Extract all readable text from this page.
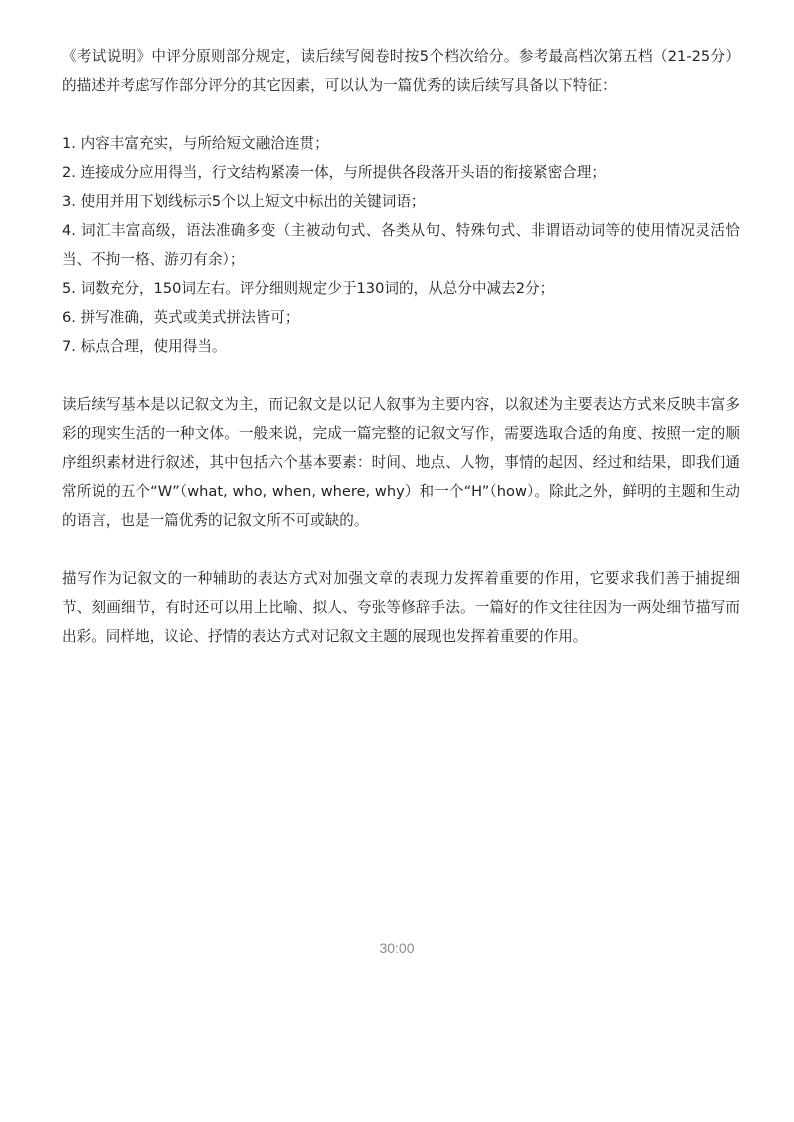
《考试说明》中评分原则部分规定，读后续写阅卷时按5个档次给分。参考最高档次第五档（21-25分）的描述并考虑写作部分评分的其它因素，可以认为一篇优秀的读后续写具备以下特征：

1. 内容丰富充实，与所给短文融洽连贯；
2. 连接成分应用得当，行文结构紧凑一体，与所提供各段落开头语的衔接紧密合理；
3. 使用并用下划线标示5个以上短文中标出的关键词语；
4. 词汇丰富高级，语法准确多变（主被动句式、各类从句、特殊句式、非谓语动词等的使用情况灵活恰当、不拘一格、游刃有余）；
5. 词数充分，150词左右。评分细则规定少于130词的，从总分中减去2分；
6. 拼写准确，英式或美式拼法皆可；
7. 标点合理，使用得当。

读后续写基本是以记叙文为主，而记叙文是以记人叙事为主要内容，以叙述为主要表达方式来反映丰富多彩的现实生活的一种文体。一般来说，完成一篇完整的记叙文写作，需要选取合适的角度、按照一定的顺序组织素材进行叙述，其中包括六个基本要素：时间、地点、人物，事情的起因、经过和结果，即我们通常所说的五个“W”（what, who, when, where, why）和一个“H”（how）。除此之外，鲜明的主题和生动的语言，也是一篇优秀的记叙文所不可或缺的。

描写作为记叙文的一种辅助的表达方式对加强文章的表现力发挥着重要的作用，它要求我们善于捕捉细节、刻画细节，有时还可以用上比喻、拟人、夸张等修辞手法。一篇好的作文往往因为一两处细节描写而出彩。同样地，议论、抒情的表达方式对记叙文主题的展现也发挥着重要的作用。

30:00
